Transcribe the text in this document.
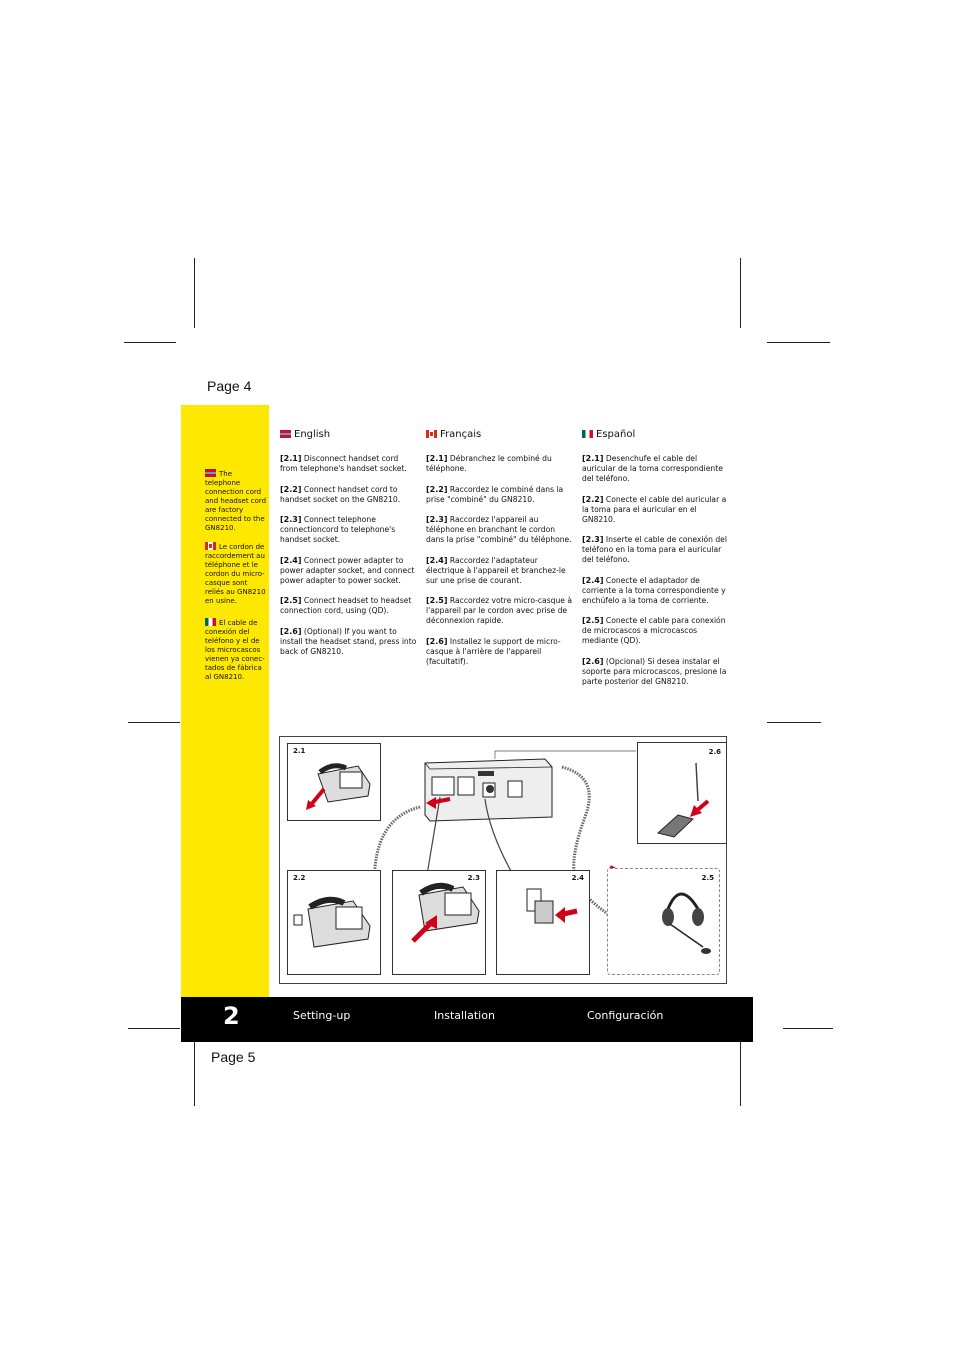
Page 4
Page 5
The telephone connection cord and headset cord are factory connected to the GN8210.
Le cordon de raccordement au téléphone et le cordon du micro-casque sont reliés au GN8210 en usine.
El cable de conexión del teléfono y el de los microcascos vienen ya conec-tados de fábrica al GN8210.
English

[2.1] Disconnect handset cord from telephone's handset socket.

[2.2] Connect handset cord to handset socket on the GN8210.

[2.3] Connect telephone connectioncord to telephone's handset socket.

[2.4] Connect power adapter to power adapter socket, and connect power adapter to power socket.

[2.5] Connect headset to headset connection cord, using (QD).

[2.6] (Optional) If you want to install the headset stand, press into back of GN8210.

Français

[2.1] Débranchez le combiné du téléphone.

[2.2] Raccordez le combiné dans la prise "combiné" du GN8210.

[2.3] Raccordez l'appareil au téléphone en branchant le cordon dans la prise "combiné" du téléphone.

[2.4] Raccordez l'adaptateur électrique à l'appareil et branchez-le sur une prise de courant.

[2.5] Raccordez votre micro-casque à l'appareil par le cordon avec prise de déconnexion rapide.

[2.6] Installez le support de micro-casque à l'arrière de l'appareil (facultatif).

Español

[2.1] Desenchufe el cable del auricular de la toma correspondiente del teléfono.

[2.2] Conecte el cable del auricular a la toma para el auricular en el GN8210.

[2.3] Inserte el cable de conexión del teléfono en la toma para el auricular del teléfono.

[2.4] Conecte el adaptador de corriente a la toma correspondiente y enchúfelo a la toma de corriente.

[2.5] Conecte el cable para conexión de microcascos a microcascos mediante (QD).

[2.6] (Opcional) Si desea instalar el soporte para microcascos, presione la parte posterior del GN8210.

2.1
2.2	2.3	2.4	2.5
2.6
2	Setting-up	Installation	Configuración
